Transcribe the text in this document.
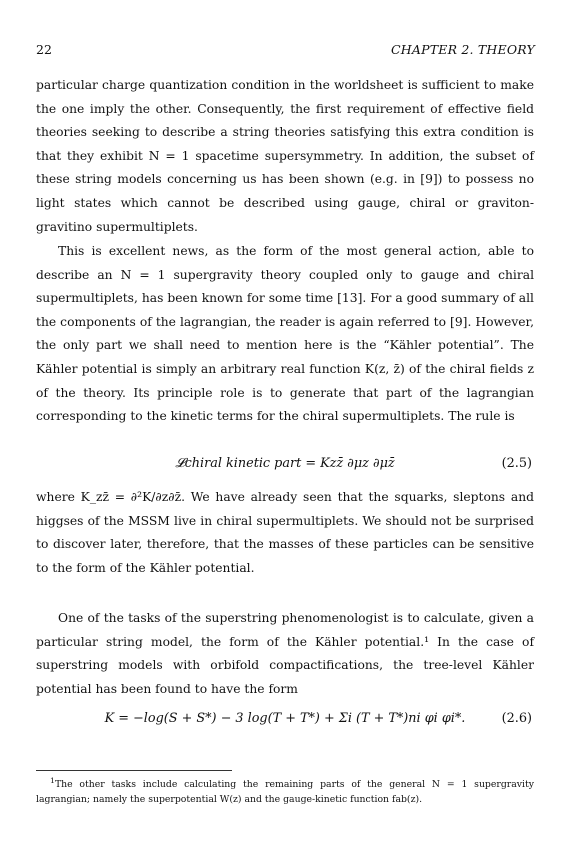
22	CHAPTER 2. THEORY
particular charge quantization condition in the worldsheet is sufficient to make the one imply the other. Consequently, the first requirement of effective field theories seeking to describe a string theories satisfying this extra condition is that they exhibit N = 1 spacetime supersymmetry. In addition, the subset of these string models concerning us has been shown (e.g. in [9]) to possess no light states which cannot be described using gauge, chiral or graviton-gravitino supermultiplets.
This is excellent news, as the form of the most general action, able to describe an N = 1 supergravity theory coupled only to gauge and chiral supermultiplets, has been known for some time [13]. For a good summary of all the components of the lagrangian, the reader is again referred to [9]. However, the only part we shall need to mention here is the “Kähler potential”. The Kähler potential is simply an arbitrary real function K(z, z̄) of the chiral fields z of the theory. Its principle role is to generate that part of the lagrangian corresponding to the kinetic terms for the chiral supermultiplets. The rule is
𝓛chiral kinetic part = Kzz̄ ∂μz ∂μz̄	(2.5)
where K_zz̄ = ∂²K/∂z∂z̄. We have already seen that the squarks, sleptons and higgses of the MSSM live in chiral supermultiplets. We should not be surprised to discover later, therefore, that the masses of these particles can be sensitive to the form of the Kähler potential.
One of the tasks of the superstring phenomenologist is to calculate, given a particular string model, the form of the Kähler potential.¹ In the case of superstring models with orbifold compactifications, the tree-level Kähler potential has been found to have the form
K = −log(S + S*) − 3 log(T + T*) + Σi (T + T*)ni φi φi*.	(2.6)
$^1$The other tasks include calculating the remaining parts of the general N = 1 supergravity lagrangian; namely the superpotential W(z) and the gauge-kinetic function fab(z).
